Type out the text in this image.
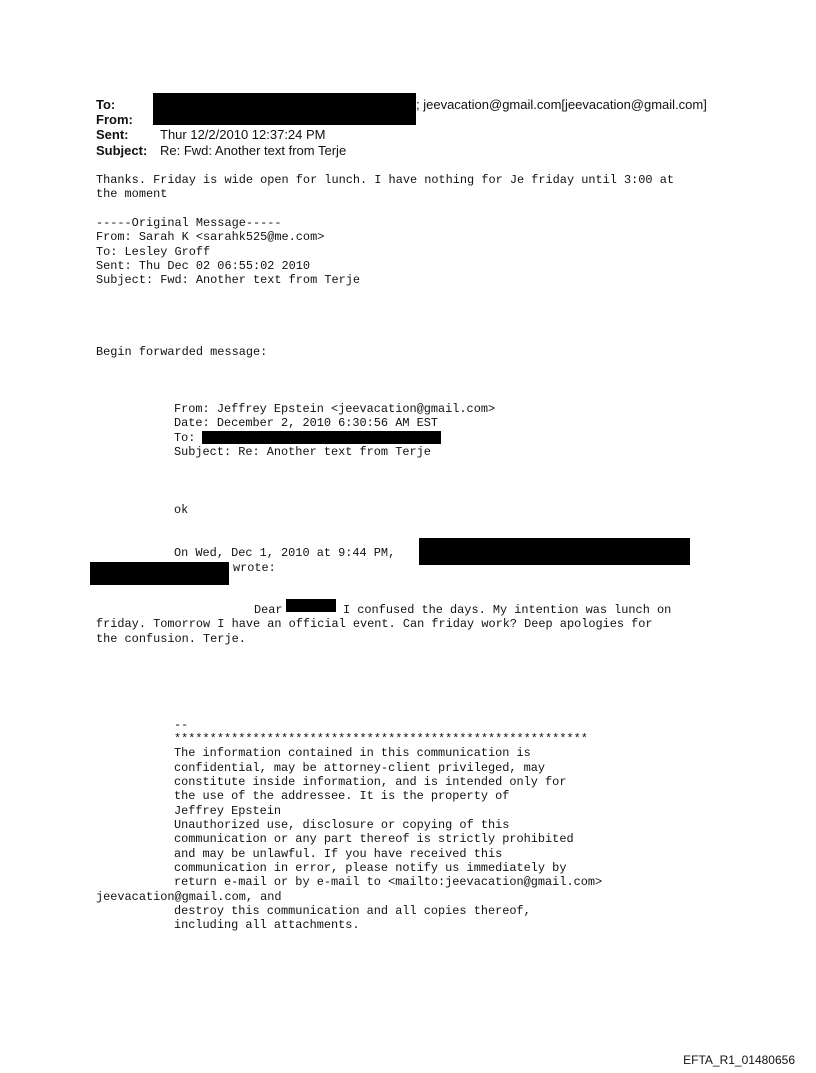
To:	; jeevacation@gmail.com[jeevacation@gmail.com]
From:
Sent: Thur 12/2/2010 12:37:24 PM
Subject: Re: Fwd: Another text from Terje
Thanks. Friday is wide open for lunch. I have nothing for Je friday until 3:00 at
the moment
-----Original Message-----
From: Sarah K <sarahk525@me.com>
To: Lesley Groff
Sent: Thu Dec 02 06:55:02 2010
Subject: Fwd: Another text from Terje
Begin forwarded message:
From: Jeffrey Epstein <jeevacation@gmail.com>
Date: December 2, 2010 6:30:56 AM EST
To:
Subject: Re: Another text from Terje
ok
On Wed, Dec 1, 2010 at 9:44 PM,
wrote:
Dear	I confused the days. My intention was lunch on
friday. Tomorrow I have an official event. Can friday work? Deep apologies for
the confusion. Terje.
--
**********************************************************
The information contained in this communication is
confidential, may be attorney-client privileged, may
constitute inside information, and is intended only for
the use of the addressee. It is the property of
Jeffrey Epstein
Unauthorized use, disclosure or copying of this
communication or any part thereof is strictly prohibited
and may be unlawful. If you have received this
communication in error, please notify us immediately by
return e-mail or by e-mail to <mailto:jeevacation@gmail.com>
jeevacation@gmail.com, and
destroy this communication and all copies thereof,
including all attachments.
EFTA_R1_01480656
